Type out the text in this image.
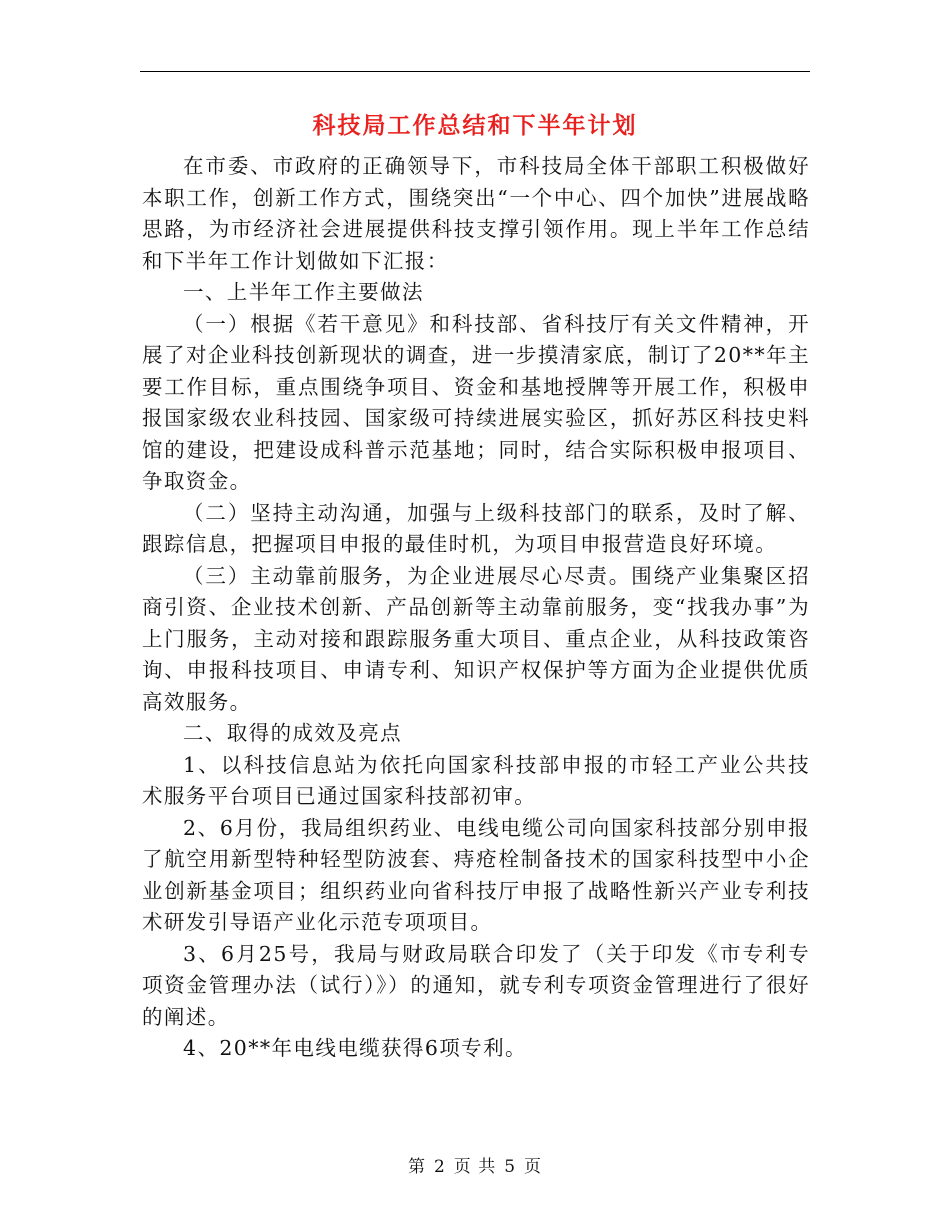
科技局工作总结和下半年计划

在市委、市政府的正确领导下，市科技局全体干部职工积极做好本职工作，创新工作方式，围绕突出“一个中心、四个加快”进展战略思路，为市经济社会进展提供科技支撑引领作用。现上半年工作总结和下半年工作计划做如下汇报：

一、上半年工作主要做法

（一）根据《若干意见》和科技部、省科技厅有关文件精神，开展了对企业科技创新现状的调查，进一步摸清家底，制订了20**年主要工作目标，重点围绕争项目、资金和基地授牌等开展工作，积极申报国家级农业科技园、国家级可持续进展实验区，抓好苏区科技史料馆的建设，把建设成科普示范基地；同时，结合实际积极申报项目、争取资金。

（二）坚持主动沟通，加强与上级科技部门的联系，及时了解、跟踪信息，把握项目申报的最佳时机，为项目申报营造良好环境。

（三）主动靠前服务，为企业进展尽心尽责。围绕产业集聚区招商引资、企业技术创新、产品创新等主动靠前服务，变“找我办事”为上门服务，主动对接和跟踪服务重大项目、重点企业，从科技政策咨询、申报科技项目、申请专利、知识产权保护等方面为企业提供优质高效服务。

二、取得的成效及亮点

1、以科技信息站为依托向国家科技部申报的市轻工产业公共技术服务平台项目已通过国家科技部初审。

2、6月份，我局组织药业、电线电缆公司向国家科技部分别申报了航空用新型特种轻型防波套、痔疮栓制备技术的国家科技型中小企业创新基金项目；组织药业向省科技厅申报了战略性新兴产业专利技术研发引导语产业化示范专项项目。

3、6月25号，我局与财政局联合印发了（关于印发《市专利专项资金管理办法（试行）》）的通知，就专利专项资金管理进行了很好的阐述。

4、20**年电线电缆获得6项专利。

第 2 页 共 5 页
